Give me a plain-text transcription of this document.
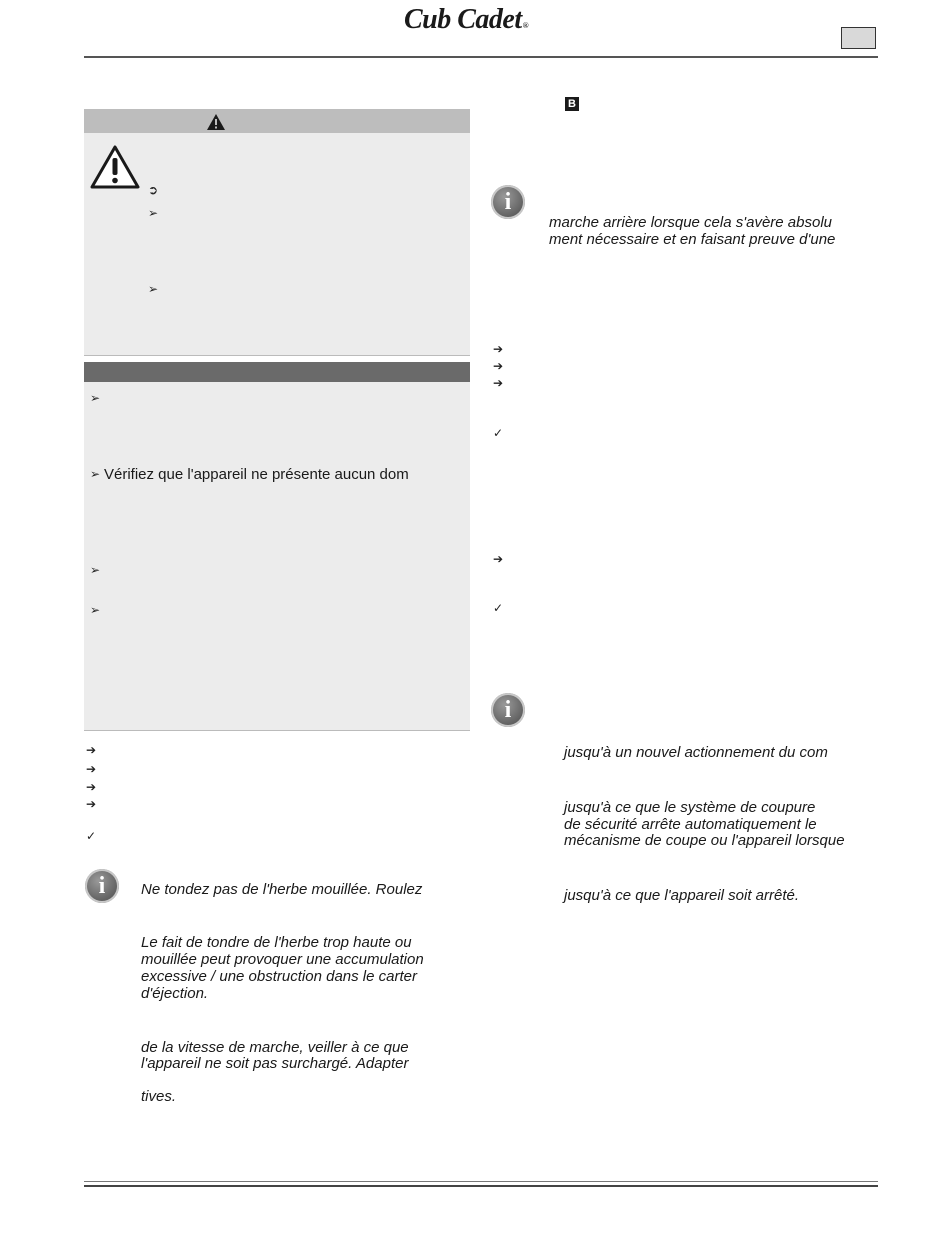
Cub Cadet®
➲
➢
➢
➢
➢ Vérifiez que l'appareil ne présente aucun dom
➢
➢
➔
➔
➔
➔
✓
i	Ne tondez pas de l'herbe mouillée. Roulez
Le fait de tondre de l'herbe trop haute ou
mouillée peut provoquer une accumulation
excessive / une obstruction dans le carter
d'éjection.
de la vitesse de marche, veiller à ce que
l'appareil ne soit pas surchargé. Adapter
tives.
B
i
marche arrière lorsque cela s'avère absolu
ment nécessaire et en faisant preuve d'une
➔
➔
➔
✓
➔
✓
i
jusqu'à un nouvel actionnement du com
jusqu'à ce que le système de coupure
de sécurité arrête automatiquement le
mécanisme de coupe ou l'appareil lorsque
jusqu'à ce que l'appareil soit arrêté.
